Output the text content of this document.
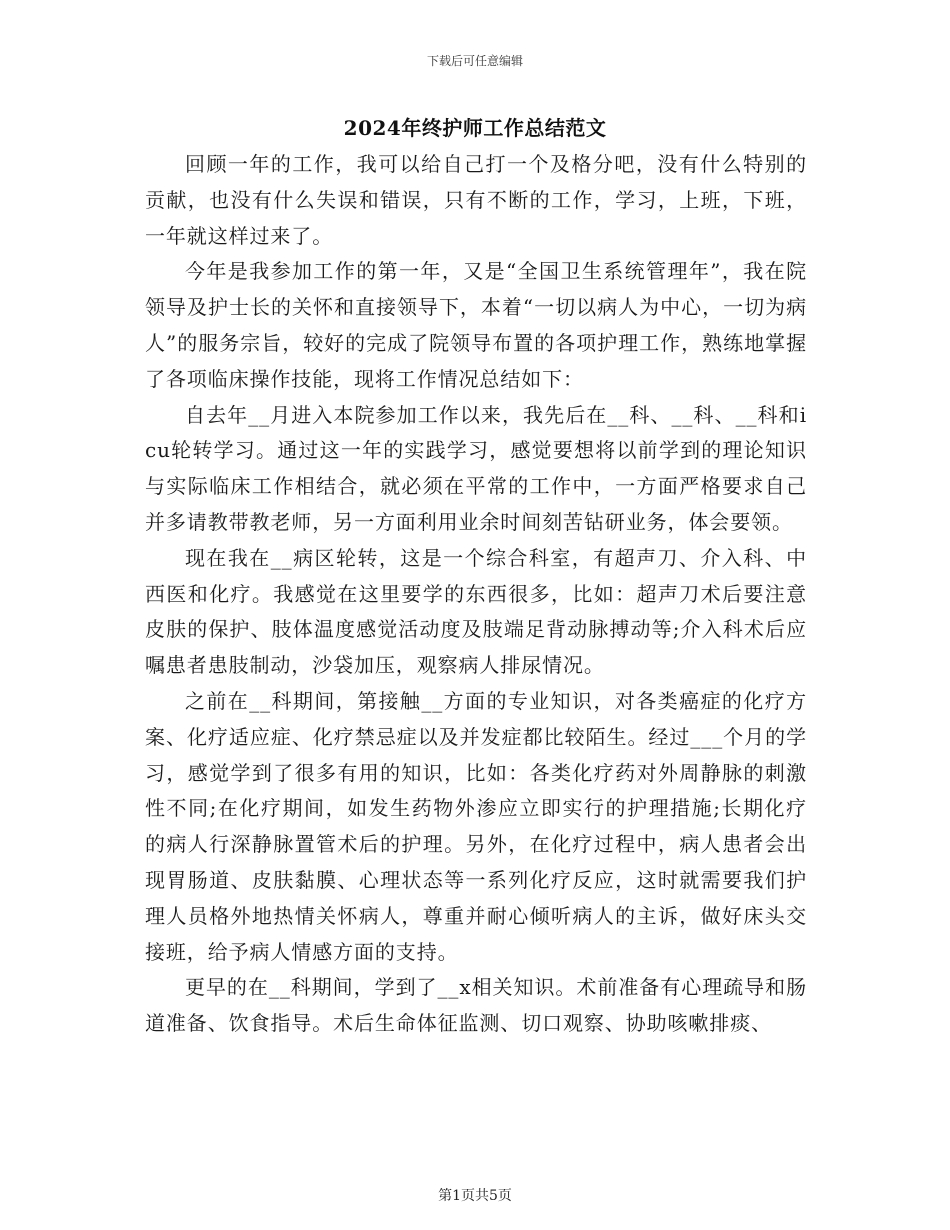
下载后可任意编辑
2024年终护师工作总结范文

回顾一年的工作，我可以给自己打一个及格分吧，没有什么特别的贡献，也没有什么失误和错误，只有不断的工作，学习，上班，下班，一年就这样过来了。

今年是我参加工作的第一年，又是“全国卫生系统管理年”，我在院领导及护士长的关怀和直接领导下，本着“一切以病人为中心，一切为病人”的服务宗旨，较好的完成了院领导布置的各项护理工作，熟练地掌握了各项临床操作技能，现将工作情况总结如下：

自去年__月进入本院参加工作以来，我先后在__科、__科、__科和icu轮转学习。通过这一年的实践学习，感觉要想将以前学到的理论知识与实际临床工作相结合，就必须在平常的工作中，一方面严格要求自己并多请教带教老师，另一方面利用业余时间刻苦钻研业务，体会要领。

现在我在__病区轮转，这是一个综合科室，有超声刀、介入科、中西医和化疗。我感觉在这里要学的东西很多，比如：超声刀术后要注意皮肤的保护、肢体温度感觉活动度及肢端足背动脉搏动等;介入科术后应嘱患者患肢制动，沙袋加压，观察病人排尿情况。

之前在__科期间，第接触__方面的专业知识，对各类癌症的化疗方案、化疗适应症、化疗禁忌症以及并发症都比较陌生。经过___个月的学习，感觉学到了很多有用的知识，比如：各类化疗药对外周静脉的刺激性不同;在化疗期间，如发生药物外渗应立即实行的护理措施;长期化疗的病人行深静脉置管术后的护理。另外，在化疗过程中，病人患者会出现胃肠道、皮肤黏膜、心理状态等一系列化疗反应，这时就需要我们护理人员格外地热情关怀病人，尊重并耐心倾听病人的主诉，做好床头交接班，给予病人情感方面的支持。

更早的在__科期间，学到了__x相关知识。术前准备有心理疏导和肠道准备、饮食指导。术后生命体征监测、切口观察、协助咳嗽排痰、

第1页共5页
